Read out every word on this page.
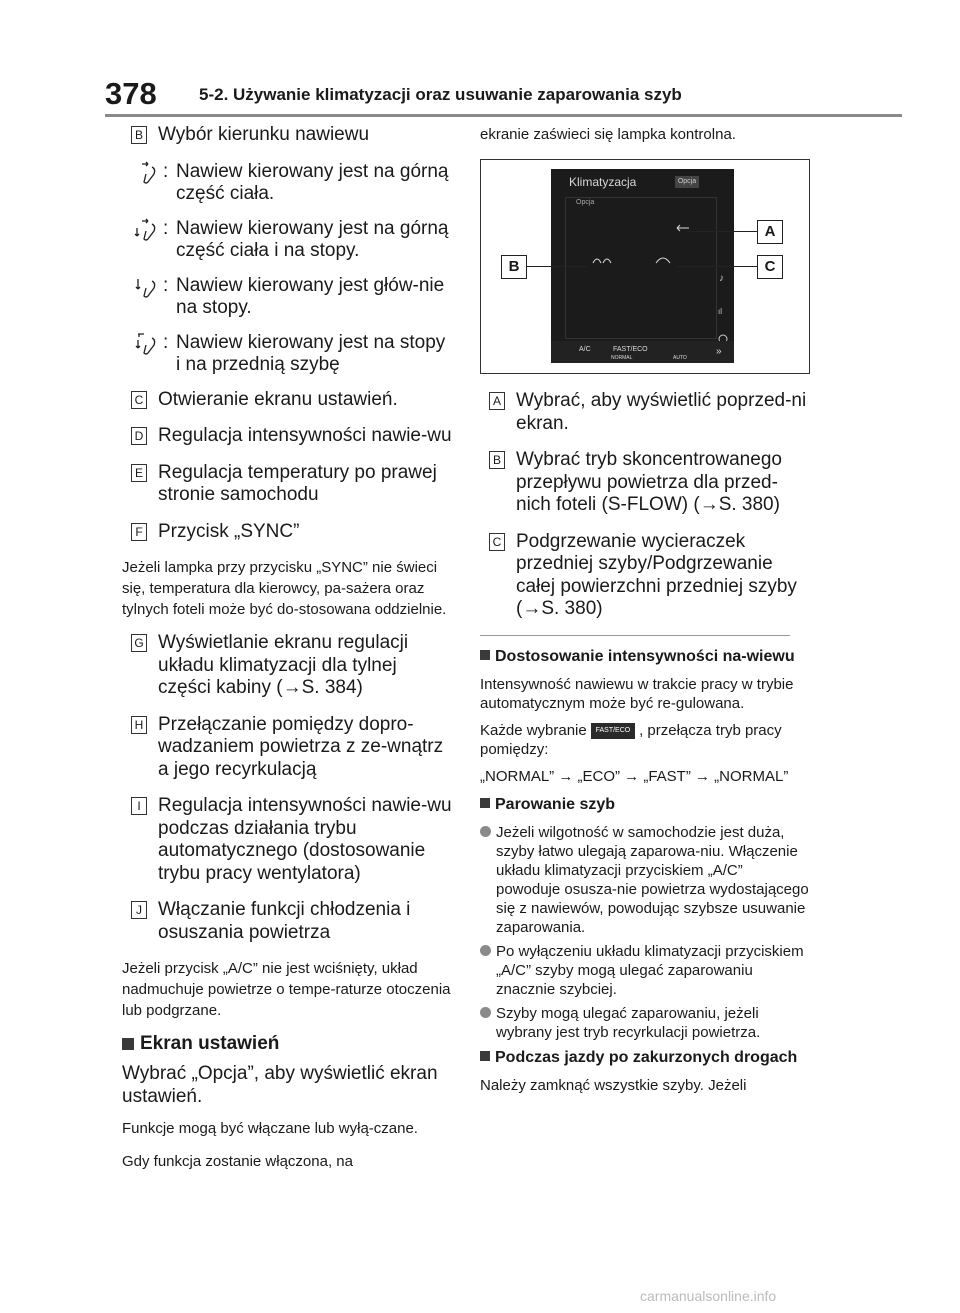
378 5-2. Używanie klimatyzacji oraz usuwanie zaparowania szyb
B Wybór kierunku nawiewu
: Nawiew kierowany jest na górną część ciała.
: Nawiew kierowany jest na górną część ciała i na stopy.
: Nawiew kierowany jest głów-nie na stopy.
: Nawiew kierowany jest na stopy i na przednią szybę
C Otwieranie ekranu ustawień.
D Regulacja intensywności nawie-wu
E Regulacja temperatury po prawej stronie samochodu
F Przycisk „SYNC”

Jeżeli lampka przy przycisku „SYNC” nie świeci się, temperatura dla kierowcy, pa-sażera oraz tylnych foteli może być do-stosowana oddzielnie.

G Wyświetlanie ekranu regulacji układu klimatyzacji dla tylnej części kabiny (→S. 384)
H Przełączanie pomiędzy dopro-wadzaniem powietrza z ze-wnątrz a jego recyrkulacją
I Regulacja intensywności nawie-wu podczas działania trybu automatycznego (dostosowanie trybu pracy wentylatora)
J Włączanie funkcji chłodzenia i osuszania powietrza

Jeżeli przycisk „A/C” nie jest wciśnięty, układ nadmuchuje powietrze o tempe-raturze otoczenia lub podgrzane.

Ekran ustawień

Wybrać „Opcja”, aby wyświetlić ekran ustawień.

Funkcje mogą być włączane lub wyłą-czane.

Gdy funkcja zostanie włączona, na

ekranie zaświeci się lampka kontrolna.

Klimatyzacja	Opcja
Opcja
♪
ıl
A/C	FAST/ECO
NORMAL	AUTO
»
A
B	C
A Wybrać, aby wyświetlić poprzed-ni ekran.
B Wybrać tryb skoncentrowanego przepływu powietrza dla przed-nich foteli (S-FLOW) (→S. 380)
C Podgrzewanie wycieraczek przedniej szyby/Podgrzewanie całej powierzchni przedniej szyby (→S. 380)
Dostosowanie intensywności na-wiewu

Intensywność nawiewu w trakcie pracy w trybie automatycznym może być re-gulowana.

Każde wybranie FAST/ECO , przełącza tryb pracy pomiędzy:

„NORMAL” → „ECO” → „FAST” → „NORMAL”

Parowanie szyb
Jeżeli wilgotność w samochodzie jest duża, szyby łatwo ulegają zaparowa-niu. Włączenie układu klimatyzacji przyciskiem „A/C” powoduje osusza-nie powietrza wydostającego się z nawiewów, powodując szybsze usuwanie zaparowania.
Po wyłączeniu układu klimatyzacji przyciskiem „A/C” szyby mogą ulegać zaparowaniu znacznie szybciej.
Szyby mogą ulegać zaparowaniu, jeżeli wybrany jest tryb recyrkulacji powietrza.
Podczas jazdy po zakurzonych drogach

Należy zamknąć wszystkie szyby. Jeżeli

carmanualsonline.info
